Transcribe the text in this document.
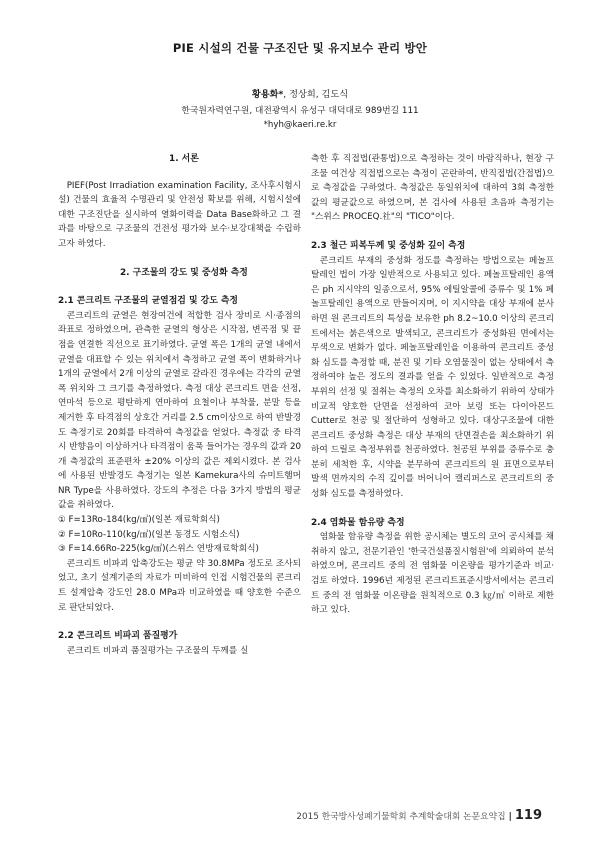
PIE 시설의 건물 구조진단 및 유지보수 관리 방안
황용화*, 정상희, 김도식
한국원자력연구원, 대전광역시 유성구 대덕대로 989번길 111
*hyh@kaeri.re.kr

1. 서론

PIEF(Post Irradiation examination Facility, 조사후시험시설) 건물의 효율적 수명관리 및 안전성 확보를 위해, 시험시설에 대한 구조진단을 실시하여 열화이력을 Data Base화하고 그 결과를 바탕으로 구조물의 건전성 평가와 보수·보강대책을 수립하고자 하였다.

2. 구조물의 강도 및 중성화 측정

2.1 콘크리트 구조물의 균열점검 및 강도 측정

콘크리트의 균열은 현장여건에 적합한 검사 장비로 시·종점의 좌표로 정하였으며, 관측한 균열의 형상은 시작점, 변곡점 및 끝점을 연결한 직선으로 표기하였다. 균열 폭은 1개의 균열 내에서 균열을 대표할 수 있는 위치에서 측정하고 균열 폭이 변화하거나 1개의 균열에서 2개 이상의 균열로 갈라진 경우에는 각각의 균열폭 위치와 그 크기를 측정하였다. 측정 대상 콘크리트 면을 선정, 연마석 등으로 평탄하게 연마하여 요철이나 부착물, 분말 등을 제거한 후 타격점의 상호간 거리를 2.5 cm이상으로 하여 반발경도 측정기로 20회를 타격하여 측정값을 얻었다. 측정값 중 타격 시 반향음이 이상하거나 타격점이 움푹 들어가는 경우의 값과 20개 측정값의 표준편차 ±20% 이상의 값은 제외시켰다. 본 검사에 사용된 반발경도 측정기는 일본 Kamekura사의 슈미트햄머 NR Type을 사용하였다. 강도의 추정은 다음 3가지 방법의 평균값을 취하였다.

① F=13Ro-184(kg/㎠)(일본 재료학회식)

② F=10Ro-110(kg/㎠)(일본 동경도 시험소식)

③ F=14.66Ro-225(kg/㎠)(스위스 연방재료학회식)

콘크리트 비파괴 압축강도는 평균 약 30.8MPa 정도로 조사되었고, 초기 설계기준의 자료가 미비하여 인접 시험건물의 콘크리트 설계압축 강도인 28.0 MPa과 비교하였을 때 양호한 수준으로 판단되었다.

2.2 콘크리트 비파괴 품질평가

콘크리트 비파괴 품질평가는 구조물의 두께를 실

측한 후 직접법(관통법)으로 측정하는 것이 바람직하나, 현장 구조물 여건상 직접법으로는 측정이 곤란하여, 반직접법(간접법)으로 측정값을 구하였다. 측정값은 동일위치에 대하여 3회 측정한 값의 평균값으로 하였으며, 본 검사에 사용된 초음파 측정기는 "스위스 PROCEQ.社"의 "TICO"이다.

2.3 철근 피복두께 및 중성화 깊이 측정

콘크리트 부재의 중성화 정도를 측정하는 방법으로는 페놀프탈레인 법이 가장 일반적으로 사용되고 있다. 페놀프탈레인 용액은 ph 지시약의 일종으로서, 95% 에틸알콜에 증류수 및 1% 페놀프탈레인 용액으로 만들어지며, 이 지시약을 대상 부재에 분사하면 원 콘크리트의 특성을 보유한 ph 8.2~10.0 이상의 콘크리트에서는 붉은색으로 발색되고, 콘크리트가 중성화된 면에서는 무색으로 변화가 없다. 페놀프탈레인을 이용하여 콘크리트 중성화 심도를 측정할 때, 분진 및 기타 오염물질이 없는 상태에서 측정하여야 높은 정도의 결과를 얻을 수 있었다. 일반적으로 측정 부위의 선정 및 절취는 측정의 오차를 최소화하기 위하여 상태가 비교적 양호한 단면을 선정하여 코아 보링 또는 다이아몬드 Cutter로 천공 및 절단하여 성형하고 있다. 대상구조물에 대한 콘크리트 중성화 측정은 대상 부재의 단면결손을 최소화하기 위하여 드릴로 측정부위를 천공하였다. 천공된 부위를 증류수로 충분히 세척한 후, 시약을 분무하여 콘크리트의 원 표면으로부터 발색 면까지의 수직 깊이를 버어니어 캘리퍼스로 콘크리트의 중성화 심도를 측정하였다.

2.4 염화물 함유량 측정

염화물 함유량 측정을 위한 공시체는 별도의 코어 공시체를 채취하지 않고, 전문기관인 '한국건설품질시험원'에 의뢰하여 분석하였으며, 콘크리트 중의 전 염화물 이온량을 평가기준과 비교·검토 하였다. 1996년 제정된 콘크리트표준시방서에서는 콘크리트 중의 전 염화물 이온량을 원칙적으로 0.3 ㎏/㎥ 이하로 제한하고 있다.

2015 한국방사성폐기물학회 추계학술대회 논문요약집 | 119
